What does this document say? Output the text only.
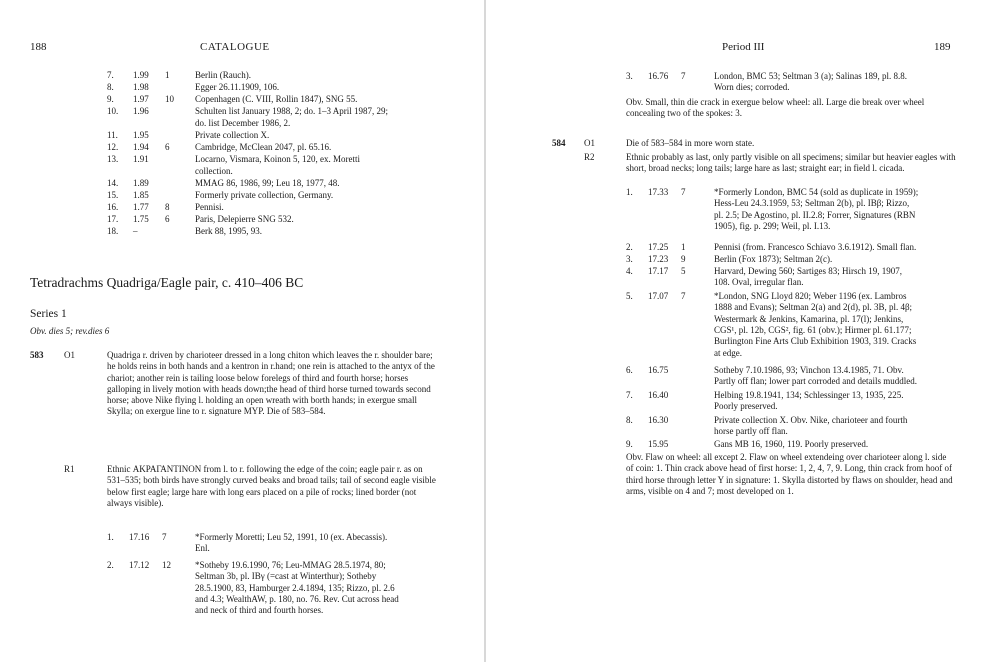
188	CATALOGUE
7. 1.99 1	Berlin (Rauch).
8. 1.98	Egger 26.11.1909, 106.
9. 1.97 10 Copenhagen (C. VIII, Rollin 1847), SNG 55.
10. 1.96	Schulten list January 1988, 2; do. 1–3 April 1987, 29;
do. list December 1986, 2.
11. 1.95	Private collection X.
12. 1.94 6	Cambridge, McClean 2047, pl. 65.16.
13. 1.91	Locarno, Vismara, Koinon 5, 120, ex. Moretti
collection.
14. 1.89	MMAG 86, 1986, 99; Leu 18, 1977, 48.
15. 1.85	Formerly private collection, Germany.
16. 1.77 8	Pennisi.
17. 1.75 6	Paris, Delepierre SNG 532.
18. –	Berk 88, 1995, 93.
Tetradrachms Quadriga/Eagle pair, c. 410–406 BC
Series 1
Obv. dies 5; rev.dies 6
583 O1	Quadriga r. driven by charioteer dressed in a long chiton which leaves the r. shoulder bare; he holds reins in both hands and a kentron in r.hand; one rein is attached to the antyx of the chariot; another rein is tailing loose below forelegs of third and fourth horse; horses galloping in lively motion with heads down;the head of third horse turned towards second horse; above Nike flying l. holding an open wreath with borth hands; in exergue small Skylla; on exergue line to r. signature MYP. Die of 583–584.

R1	Ethnic ΑΚΡΑΓΑΝΤΙΝΟΝ from l. to r. following the edge of the coin; eagle pair r. as on 531–535; both birds have strongly curved beaks and broad tails; tail of second eagle visible below first eagle; large hare with long ears placed on a pile of rocks; lined border (not always visible).

1. 17.16 7	*Formerly Moretti; Leu 52, 1991, 10 (ex. Abecassis).
Enl.
2. 17.12 12	*Sotheby 19.6.1990, 76; Leu-MMAG 28.5.1974, 80;
Seltman 3b, pl. IBγ (=cast at Winterthur); Sotheby
28.5.1900, 83, Hamburger 2.4.1894, 135; Rizzo, pl. 2.6
and 4.3; WealthAW, p. 180, no. 76. Rev. Cut across head
and neck of third and fourth horses.
Period III	189
3. 16.76 7	London, BMC 53; Seltman 3 (a); Salinas 189, pl. 8.8.
Worn dies; corroded.

Obv. Small, thin die crack in exergue below wheel: all. Large die break over wheel concealing two of the spokes: 3.

584 O1	Die of 583–584 in more worn state.
R2	Ethnic probably as last, only partly visible on all specimens; similar but heavier eagles with short, broad necks; long tails; large hare as last; straight ear; in field l. cicada.

1. 17.33 7	*Formerly London, BMC 54 (sold as duplicate in 1959);
Hess-Leu 24.3.1959, 53; Seltman 2(b), pl. IBβ; Rizzo,
pl. 2.5; De Agostino, pl. II.2.8; Forrer, Signatures (RBN
1905), fig. p. 299; Weil, pl. I.13.
2. 17.25 1	Pennisi (from. Francesco Schiavo 3.6.1912). Small flan.
3. 17.23 9	Berlin (Fox 1873); Seltman 2(c).
4. 17.17 5	Harvard, Dewing 560; Sartiges 83; Hirsch 19, 1907,
108. Oval, irregular flan.
5. 17.07 7	*London, SNG Lloyd 820; Weber 1196 (ex. Lambros
1888 and Evans); Seltman 2(a) and 2(d), pl. 3B, pl. 4β;
Westermark & Jenkins, Kamarina, pl. 17(l); Jenkins,
CGS¹, pl. 12b, CGS², fig. 61 (obv.); Hirmer pl. 61.177;
Burlington Fine Arts Club Exhibition 1903, 319. Cracks
at edge.
6. 16.75	Sotheby 7.10.1986, 93; Vinchon 13.4.1985, 71. Obv.
Partly off flan; lower part corroded and details muddled.
7. 16.40	Helbing 19.8.1941, 134; Schlessinger 13, 1935, 225.
Poorly preserved.
8. 16.30	Private collection X. Obv. Nike, charioteer and fourth
horse partly off flan.
9. 15.95	Gans MB 16, 1960, 119. Poorly preserved.

Obv. Flaw on wheel: all except 2. Flaw on wheel extendeing over charioteer along l. side of coin: 1. Thin crack above head of first horse: 1, 2, 4, 7, 9. Long, thin crack from hoof of third horse through letter Y in signature: 1. Skylla distorted by flaws on shoulder, head and arms, visible on 4 and 7; most developed on 1.
